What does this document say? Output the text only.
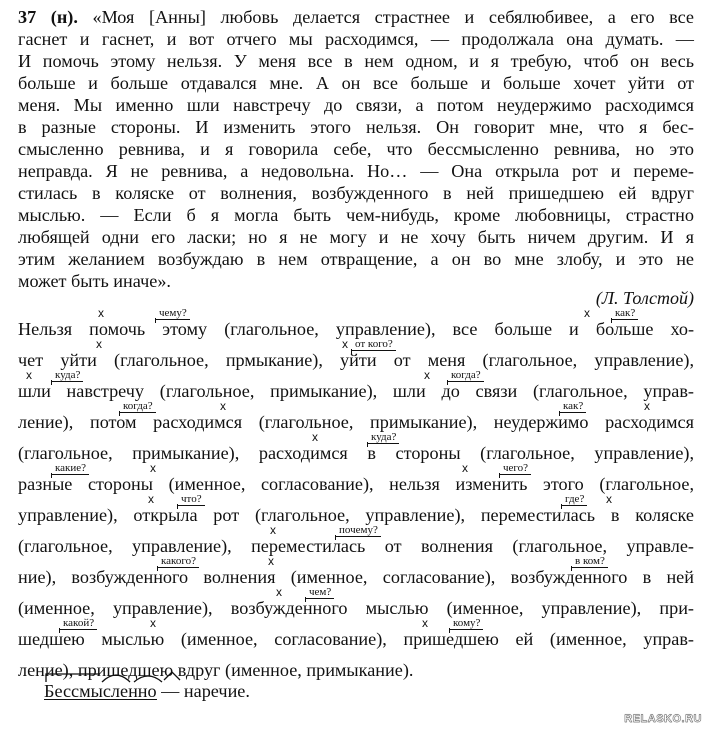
37 (н). «Моя [Анны] любовь делается страстнее и себялюбивее, а его все
гаснет и гаснет, и вот отчего мы расходимся, — продолжала она думать. —
И помочь этому нельзя. У меня все в нем одном, и я требую, чтоб он весь
больше и больше отдавался мне. А он все больше и больше хочет уйти от
меня. Мы именно шли навстречу до связи, а потом неудержимо расходимся
в разные стороны. И изменить этого нельзя. Он говорит мне, что я бес-
смысленно ревнива, и я говорила себе, что бессмысленно ревнива, но это
неправда. Я не ревнива, а недовольна. Но… — Она открыла рот и переме-
стилась в коляске от волнения, возбужденного в ней пришедшею ей вдруг
мыслью. — Если б я могла быть чем-нибудь, кроме любовницы, страстно
любящей одни его ласки; но я не могу и не хочу быть ничем другим. И я
этим желанием возбуждаю в нем отвращение, а он во мне злобу, и это не
может быть иначе».
(Л. Толстой)
Нельзя помочь этому (глагольное, управление), все больше и больше хо-
чет уйти (глагольное, прмыкание), уйти от меня (глагольное, управление),
шли навстречу (глагольное, примыкание), шли до связи (глагольное, управ-
ление), потом расходимся (глагольное, примыкание), неудержимо расходимся
(глагольное, примыкание), расходимся в стороны (глагольное, управление),
разные стороны (именное, согласование), нельзя изменить этого (глагольное,
управление), открыла рот (глагольное, управление), переместилась в коляске
(глагольное, управление), переместилась от волнения (глагольное, управле-
ние), возбужденного волнения (именное, согласование), возбужденного в ней
(именное, управление), возбужденного мыслью (именное, управление), при-
шедшею мыслью (именное, согласование), пришедшею ей (именное, управ-
ление), пришедшею вдруг (именное, примыкание).
чему?	как?
от кого?
куда?	когда?
когда?	как?
куда?
какие?	чего?
что?	где?
почему?
какого?	в ком?
чем?
какой?	кому?
x	x
x	x
x	x
x	x
x
x	x
x	x
x
x
x
x	x
Бессмысленно — наречие.
RELASKO.RU
